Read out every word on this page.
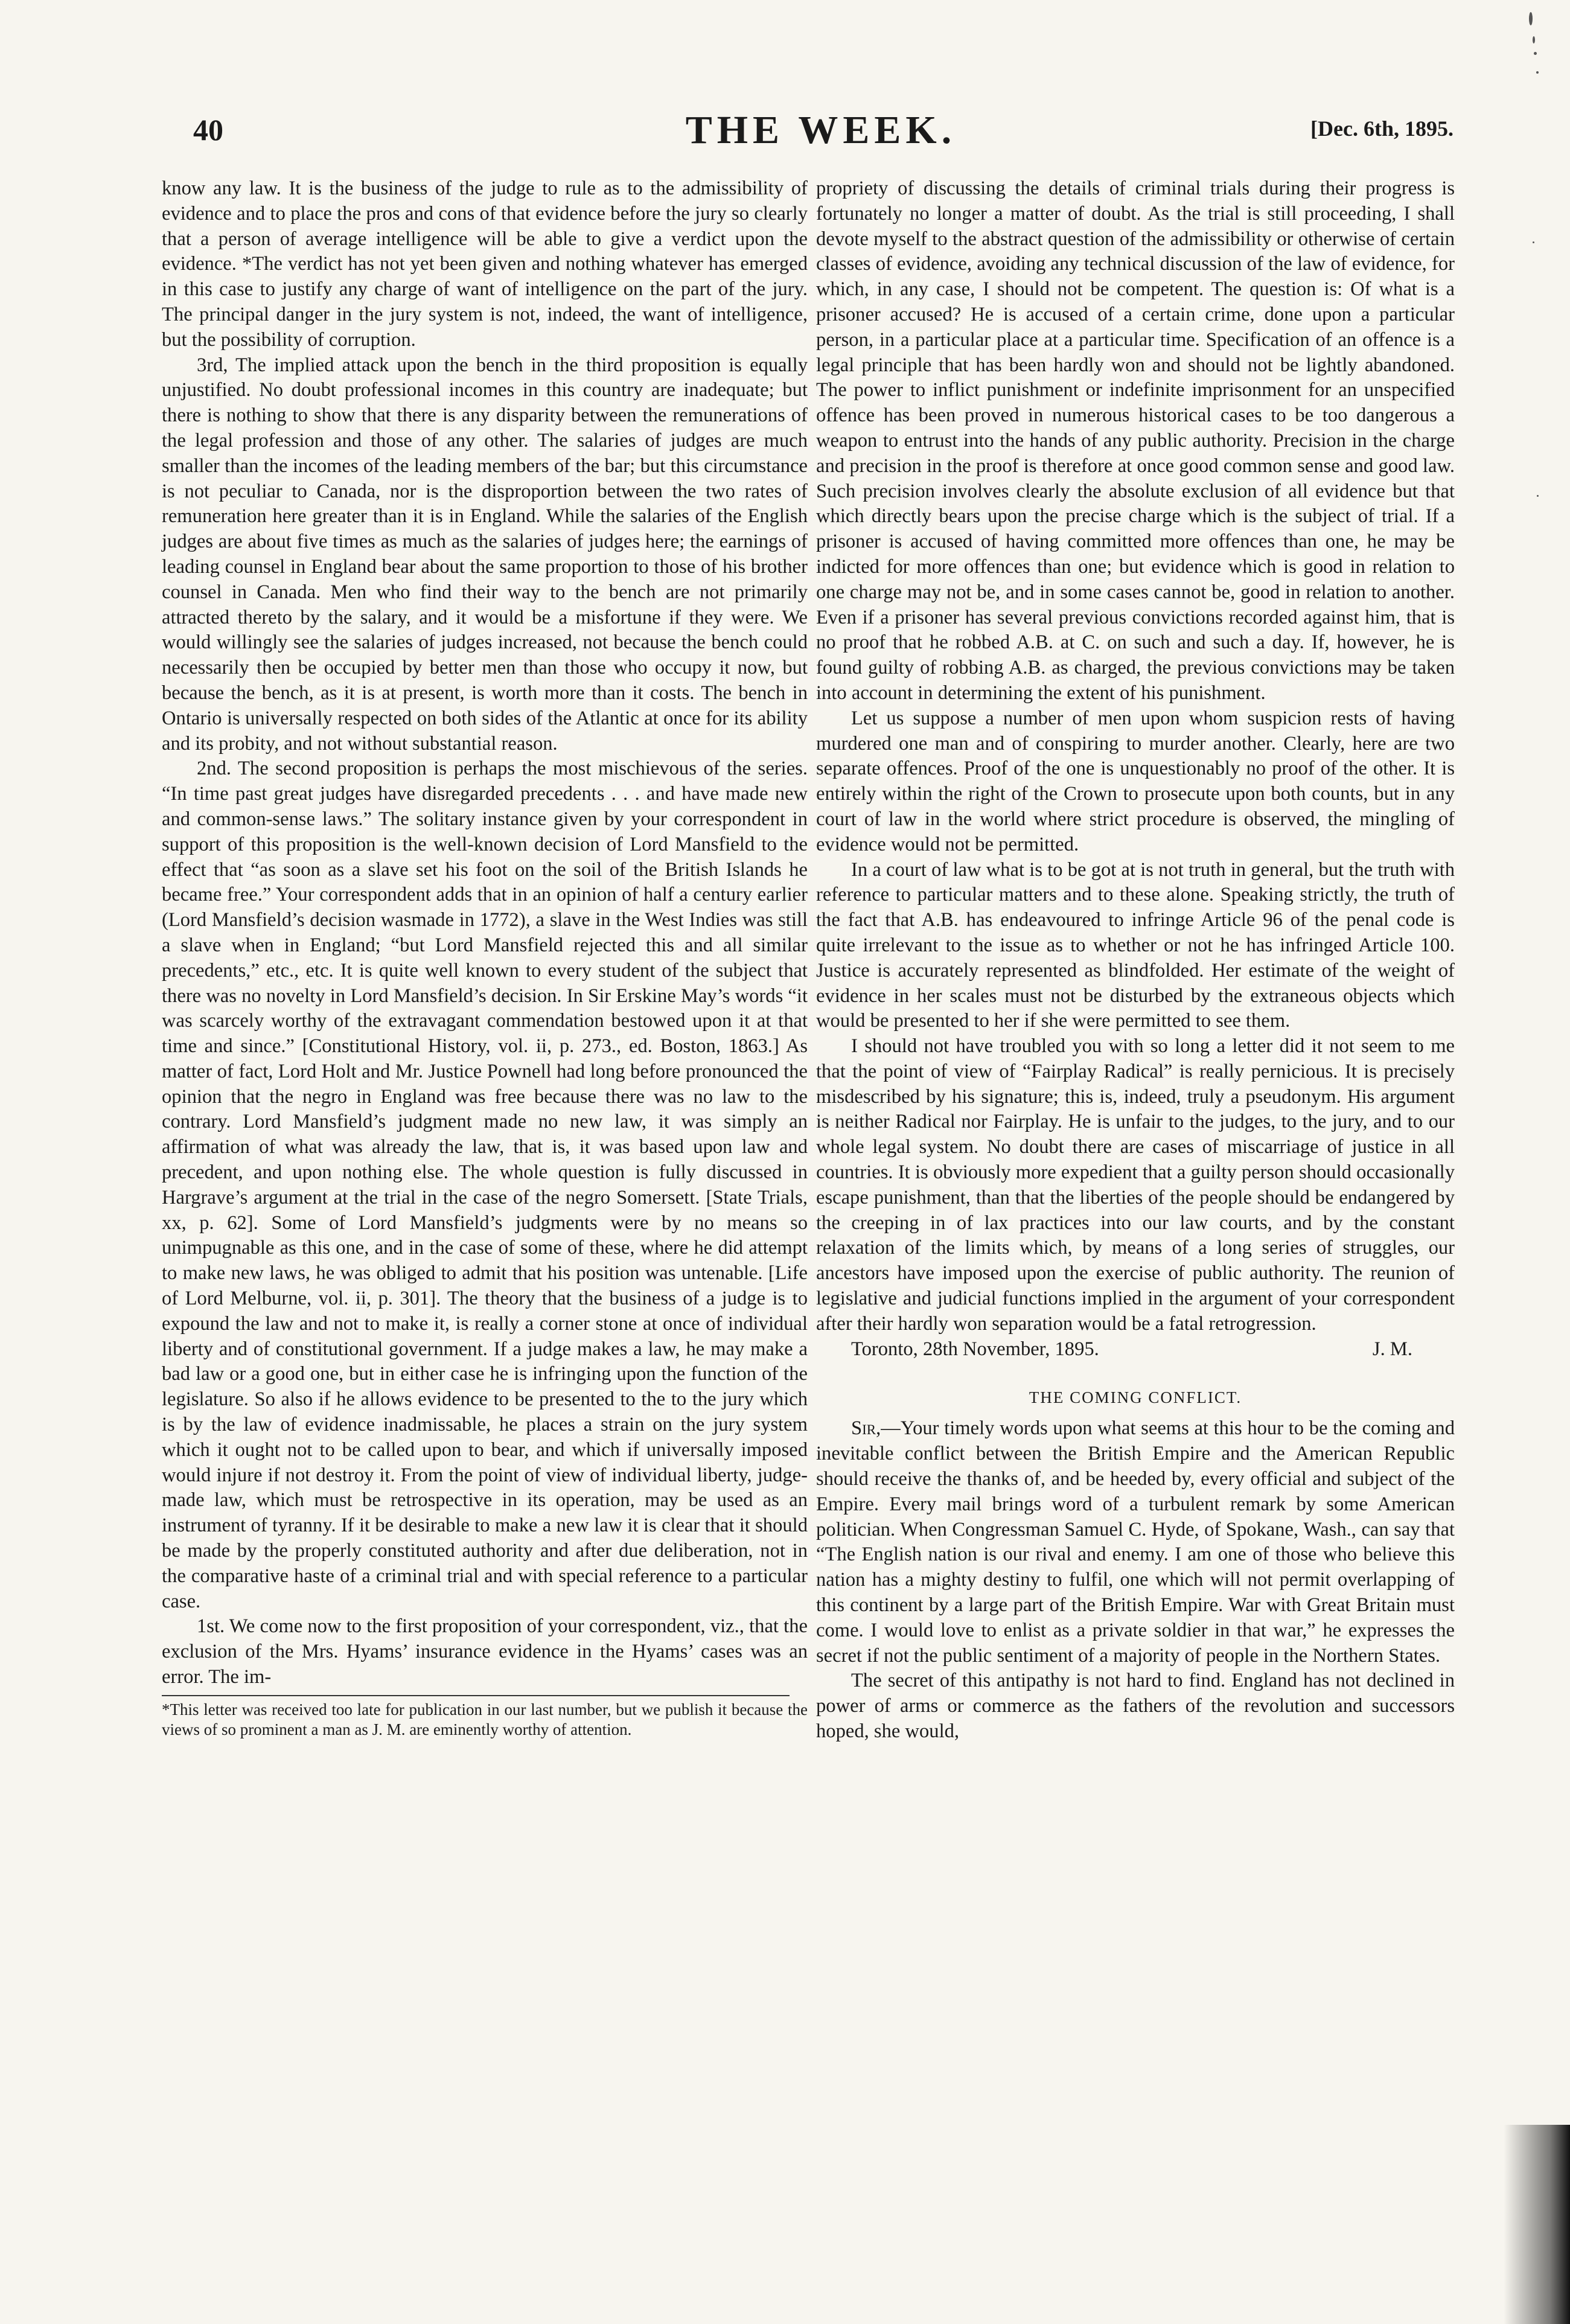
40	THE WEEK.	[Dec. 6th, 1895.

know any law. It is the business of the judge to rule as to the admissibility of evidence and to place the pros and cons of that evidence before the jury so clearly that a person of average intelligence will be able to give a verdict upon the evidence. *The verdict has not yet been given and nothing whatever has emerged in this case to justify any charge of want of intelligence on the part of the jury. The principal danger in the jury system is not, indeed, the want of intelligence, but the possibility of corruption.

3rd, The implied attack upon the bench in the third proposition is equally unjustified. No doubt professional incomes in this country are inadequate; but there is nothing to show that there is any disparity between the remunerations of the legal profession and those of any other. The salaries of judges are much smaller than the incomes of the leading members of the bar; but this circumstance is not peculiar to Canada, nor is the disproportion between the two rates of remuneration here greater than it is in England. While the salaries of the English judges are about five times as much as the salaries of judges here; the earnings of leading counsel in England bear about the same proportion to those of his brother counsel in Canada. Men who find their way to the bench are not primarily attracted thereto by the salary, and it would be a misfortune if they were. We would willingly see the salaries of judges increased, not because the bench could necessarily then be occupied by better men than those who occupy it now, but because the bench, as it is at present, is worth more than it costs. The bench in Ontario is universally respected on both sides of the Atlantic at once for its ability and its probity, and not without substantial reason.

2nd. The second proposition is perhaps the most mischievous of the series. “In time past great judges have disregarded precedents . . . and have made new and common-sense laws.” The solitary instance given by your correspondent in support of this proposition is the well-known decision of Lord Mansfield to the effect that “as soon as a slave set his foot on the soil of the British Islands he became free.” Your correspondent adds that in an opinion of half a century earlier (Lord Mansfield’s decision wasmade in 1772), a slave in the West Indies was still a slave when in England; “but Lord Mansfield rejected this and all similar precedents,” etc., etc. It is quite well known to every student of the subject that there was no novelty in Lord Mansfield’s decision. In Sir Erskine May’s words “it was scarcely worthy of the extravagant commendation bestowed upon it at that time and since.” [Constitutional History, vol. ii, p. 273., ed. Boston, 1863.] As matter of fact, Lord Holt and Mr. Justice Pownell had long before pronounced the opinion that the negro in England was free because there was no law to the contrary. Lord Mansfield’s judgment made no new law, it was simply an affirmation of what was already the law, that is, it was based upon law and precedent, and upon nothing else. The whole question is fully discussed in Hargrave’s argument at the trial in the case of the negro Somersett. [State Trials, xx, p. 62]. Some of Lord Mansfield’s judgments were by no means so unimpugnable as this one, and in the case of some of these, where he did attempt to make new laws, he was obliged to admit that his position was untenable. [Life of Lord Melburne, vol. ii, p. 301]. The theory that the business of a judge is to expound the law and not to make it, is really a corner stone at once of individual liberty and of constitutional government. If a judge makes a law, he may make a bad law or a good one, but in either case he is infringing upon the function of the legislature. So also if he allows evidence to be presented to the to the jury which is by the law of evidence inadmissable, he places a strain on the jury system which it ought not to be called upon to bear, and which if universally imposed would injure if not destroy it. From the point of view of individual liberty, judge-made law, which must be retrospective in its operation, may be used as an instrument of tyranny. If it be desirable to make a new law it is clear that it should be made by the properly constituted authority and after due deliberation, not in the comparative haste of a criminal trial and with special reference to a particular case.

1st. We come now to the first proposition of your correspondent, viz., that the exclusion of the Mrs. Hyams’ insurance evidence in the Hyams’ cases was an error. The im-

*This letter was received too late for publication in our last number, but we publish it because the views of so prominent a man as J. M. are eminently worthy of attention.

propriety of discussing the details of criminal trials during their progress is fortunately no longer a matter of doubt. As the trial is still proceeding, I shall devote myself to the abstract question of the admissibility or otherwise of certain classes of evidence, avoiding any technical discussion of the law of evidence, for which, in any case, I should not be competent. The question is: Of what is a prisoner accused? He is accused of a certain crime, done upon a particular person, in a particular place at a particular time. Specification of an offence is a legal principle that has been hardly won and should not be lightly abandoned. The power to inflict punishment or indefinite imprisonment for an unspecified offence has been proved in numerous historical cases to be too dangerous a weapon to entrust into the hands of any public authority. Precision in the charge and precision in the proof is therefore at once good common sense and good law. Such precision involves clearly the absolute exclusion of all evidence but that which directly bears upon the precise charge which is the subject of trial. If a prisoner is accused of having committed more offences than one, he may be indicted for more offences than one; but evidence which is good in relation to one charge may not be, and in some cases cannot be, good in relation to another. Even if a prisoner has several previous convictions recorded against him, that is no proof that he robbed A.B. at C. on such and such a day. If, however, he is found guilty of robbing A.B. as charged, the previous convictions may be taken into account in determining the extent of his punishment.

Let us suppose a number of men upon whom suspicion rests of having murdered one man and of conspiring to murder another. Clearly, here are two separate offences. Proof of the one is unquestionably no proof of the other. It is entirely within the right of the Crown to prosecute upon both counts, but in any court of law in the world where strict procedure is observed, the mingling of evidence would not be permitted.

In a court of law what is to be got at is not truth in general, but the truth with reference to particular matters and to these alone. Speaking strictly, the truth of the fact that A.B. has endeavoured to infringe Article 96 of the penal code is quite irrelevant to the issue as to whether or not he has infringed Article 100. Justice is accurately represented as blindfolded. Her estimate of the weight of evidence in her scales must not be disturbed by the extraneous objects which would be presented to her if she were permitted to see them.

I should not have troubled you with so long a letter did it not seem to me that the point of view of “Fairplay Radical” is really pernicious. It is precisely misdescribed by his signature; this is, indeed, truly a pseudonym. His argument is neither Radical nor Fairplay. He is unfair to the judges, to the jury, and to our whole legal system. No doubt there are cases of miscarriage of justice in all countries. It is obviously more expedient that a guilty person should occasionally escape punishment, than that the liberties of the people should be endangered by the creeping in of lax practices into our law courts, and by the constant relaxation of the limits which, by means of a long series of struggles, our ancestors have imposed upon the exercise of public authority. The reunion of legislative and judicial functions implied in the argument of your correspondent after their hardly won separation would be a fatal retrogression.

Toronto, 28th November, 1895.	J. M.
THE COMING CONFLICT.

Sir,—Your timely words upon what seems at this hour to be the coming and inevitable conflict between the British Empire and the American Republic should receive the thanks of, and be heeded by, every official and subject of the Empire. Every mail brings word of a turbulent remark by some American politician. When Congressman Samuel C. Hyde, of Spokane, Wash., can say that “The English nation is our rival and enemy. I am one of those who believe this nation has a mighty destiny to fulfil, one which will not permit overlapping of this continent by a large part of the British Empire. War with Great Britain must come. I would love to enlist as a private soldier in that war,” he expresses the secret if not the public sentiment of a majority of people in the Northern States.

The secret of this antipathy is not hard to find. England has not declined in power of arms or commerce as the fathers of the revolution and successors hoped, she would,
